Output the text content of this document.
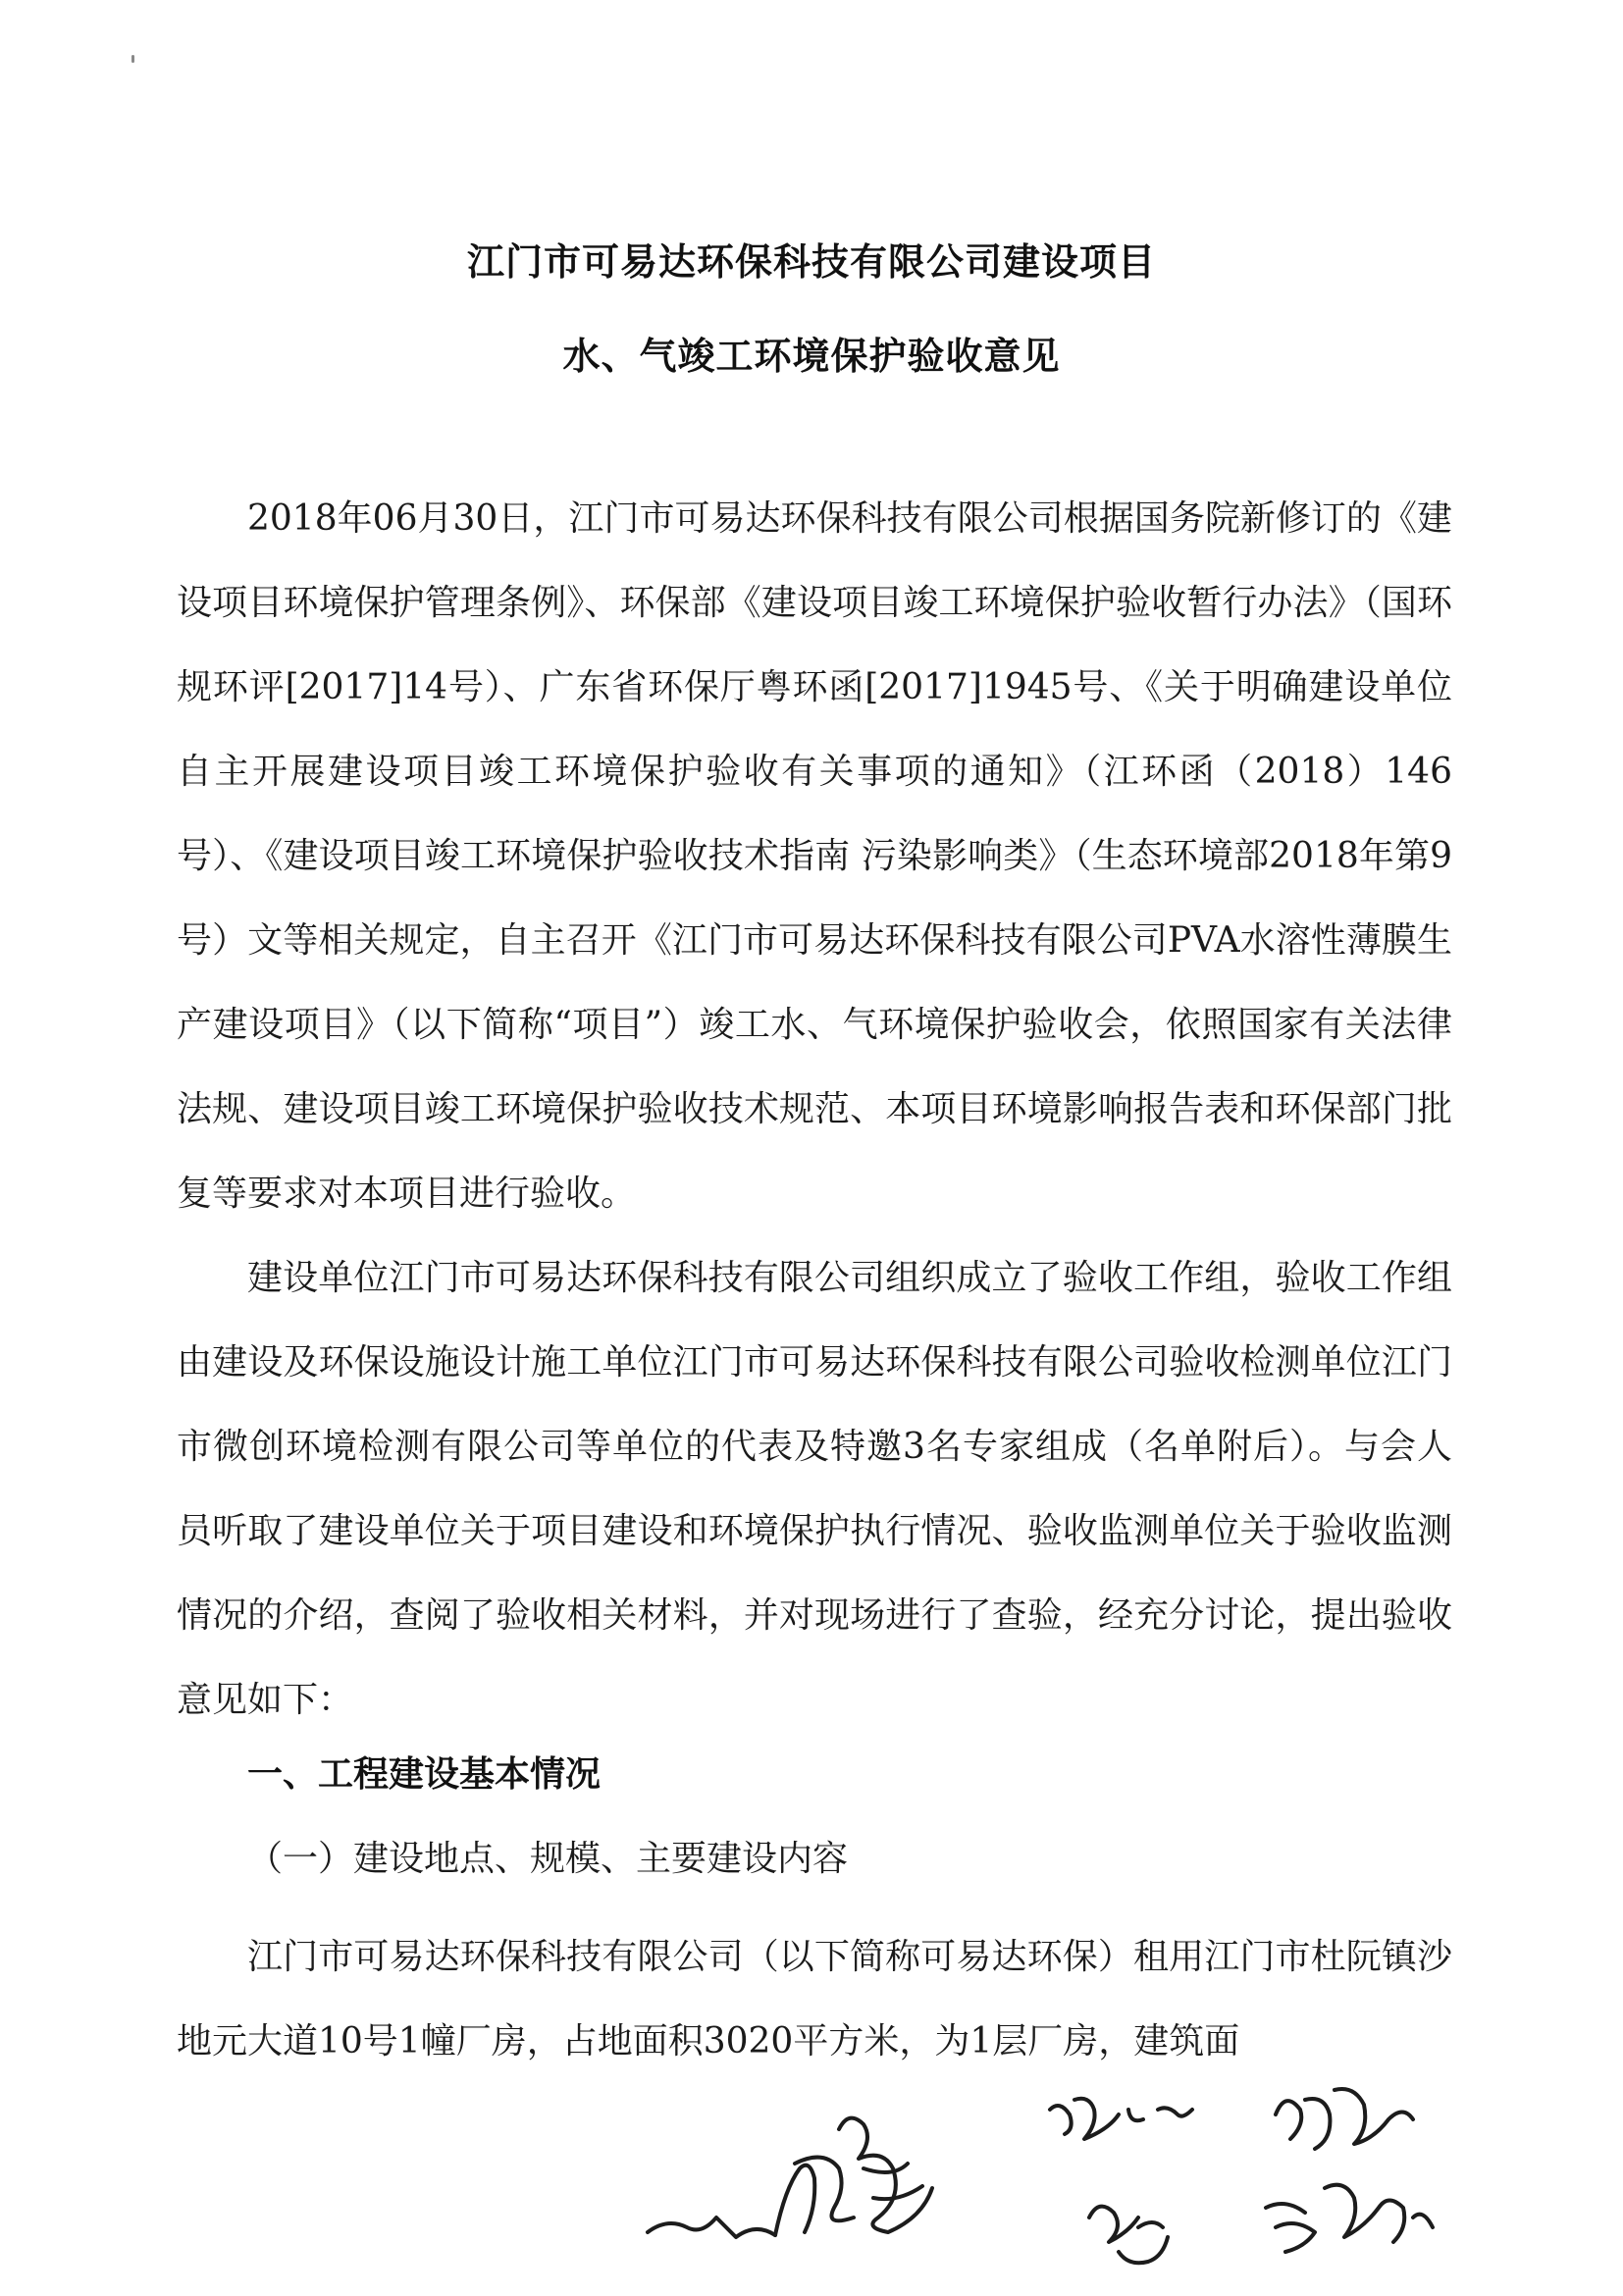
江门市可易达环保科技有限公司建设项目
水、气竣工环境保护验收意见

2018年06月30日，江门市可易达环保科技有限公司根据国务院新修订的《建设项目环境保护管理条例》、环保部《建设项目竣工环境保护验收暂行办法》（国环规环评[2017]14号）、广东省环保厅粤环函[2017]1945号、《关于明确建设单位自主开展建设项目竣工环境保护验收有关事项的通知》（江环函（2018）146号）、《建设项目竣工环境保护验收技术指南 污染影响类》（生态环境部2018年第9号）文等相关规定，自主召开《江门市可易达环保科技有限公司PVA水溶性薄膜生产建设项目》（以下简称“项目”）竣工水、气环境保护验收会，依照国家有关法律法规、建设项目竣工环境保护验收技术规范、本项目环境影响报告表和环保部门批复等要求对本项目进行验收。

建设单位江门市可易达环保科技有限公司组织成立了验收工作组，验收工作组由建设及环保设施设计施工单位江门市可易达环保科技有限公司验收检测单位江门市微创环境检测有限公司等单位的代表及特邀3名专家组成（名单附后）。与会人员听取了建设单位关于项目建设和环境保护执行情况、验收监测单位关于验收监测情况的介绍，查阅了验收相关材料，并对现场进行了查验，经充分讨论，提出验收意见如下：

一、工程建设基本情况
（一）建设地点、规模、主要建设内容

江门市可易达环保科技有限公司（以下简称可易达环保）租用江门市杜阮镇沙地元大道10号1幢厂房，占地面积3020平方米，为1层厂房，建筑面
